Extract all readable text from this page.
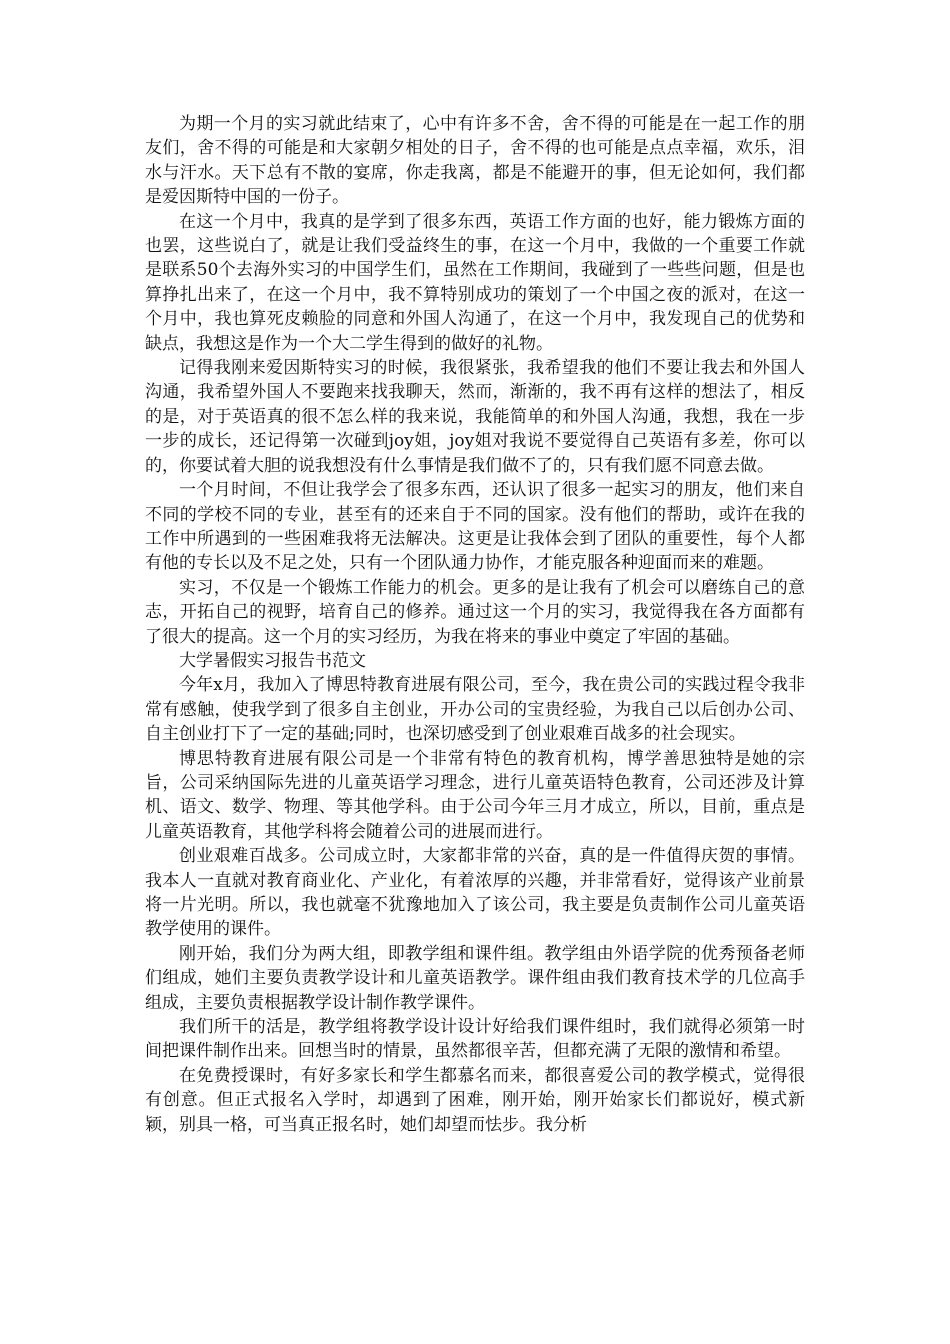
为期一个月的实习就此结束了，心中有许多不舍，舍不得的可能是在一起工作的朋友们，舍不得的可能是和大家朝夕相处的日子，舍不得的也可能是点点幸福，欢乐，泪水与汗水。天下总有不散的宴席，你走我离，都是不能避开的事，但无论如何，我们都是爱因斯特中国的一份子。

在这一个月中，我真的是学到了很多东西，英语工作方面的也好，能力锻炼方面的也罢，这些说白了，就是让我们受益终生的事，在这一个月中，我做的一个重要工作就是联系50个去海外实习的中国学生们，虽然在工作期间，我碰到了一些些问题，但是也算挣扎出来了，在这一个月中，我不算特别成功的策划了一个中国之夜的派对，在这一个月中，我也算死皮赖脸的同意和外国人沟通了，在这一个月中，我发现自己的优势和缺点，我想这是作为一个大二学生得到的做好的礼物。

记得我刚来爱因斯特实习的时候，我很紧张，我希望我的他们不要让我去和外国人沟通，我希望外国人不要跑来找我聊天，然而，渐渐的，我不再有这样的想法了，相反的是，对于英语真的很不怎么样的我来说，我能简单的和外国人沟通，我想，我在一步一步的成长，还记得第一次碰到joy姐，joy姐对我说不要觉得自己英语有多差，你可以的，你要试着大胆的说我想没有什么事情是我们做不了的，只有我们愿不同意去做。

一个月时间，不但让我学会了很多东西，还认识了很多一起实习的朋友，他们来自不同的学校不同的专业，甚至有的还来自于不同的国家。没有他们的帮助，或许在我的工作中所遇到的一些困难我将无法解决。这更是让我体会到了团队的重要性，每个人都有他的专长以及不足之处，只有一个团队通力协作，才能克服各种迎面而来的难题。

实习，不仅是一个锻炼工作能力的机会。更多的是让我有了机会可以磨练自己的意志，开拓自己的视野，培育自己的修养。通过这一个月的实习，我觉得我在各方面都有了很大的提高。这一个月的实习经历，为我在将来的事业中奠定了牢固的基础。

大学暑假实习报告书范文

今年x月，我加入了博思特教育进展有限公司，至今，我在贵公司的实践过程令我非常有感触，使我学到了很多自主创业，开办公司的宝贵经验，为我自己以后创办公司、自主创业打下了一定的基础;同时，也深切感受到了创业艰难百战多的社会现实。

博思特教育进展有限公司是一个非常有特色的教育机构，博学善思独特是她的宗旨，公司采纳国际先进的儿童英语学习理念，进行儿童英语特色教育，公司还涉及计算机、语文、数学、物理、等其他学科。由于公司今年三月才成立，所以，目前，重点是儿童英语教育，其他学科将会随着公司的进展而进行。

创业艰难百战多。公司成立时，大家都非常的兴奋，真的是一件值得庆贺的事情。我本人一直就对教育商业化、产业化，有着浓厚的兴趣，并非常看好，觉得该产业前景将一片光明。所以，我也就毫不犹豫地加入了该公司，我主要是负责制作公司儿童英语教学使用的课件。

刚开始，我们分为两大组，即教学组和课件组。教学组由外语学院的优秀预备老师们组成，她们主要负责教学设计和儿童英语教学。课件组由我们教育技术学的几位高手组成，主要负责根据教学设计制作教学课件。

我们所干的活是，教学组将教学设计设计好给我们课件组时，我们就得必须第一时间把课件制作出来。回想当时的情景，虽然都很辛苦，但都充满了无限的激情和希望。

在免费授课时，有好多家长和学生都慕名而来，都很喜爱公司的教学模式，觉得很有创意。但正式报名入学时，却遇到了困难，刚开始，刚开始家长们都说好，模式新颖，别具一格，可当真正报名时，她们却望而怯步。我分析
